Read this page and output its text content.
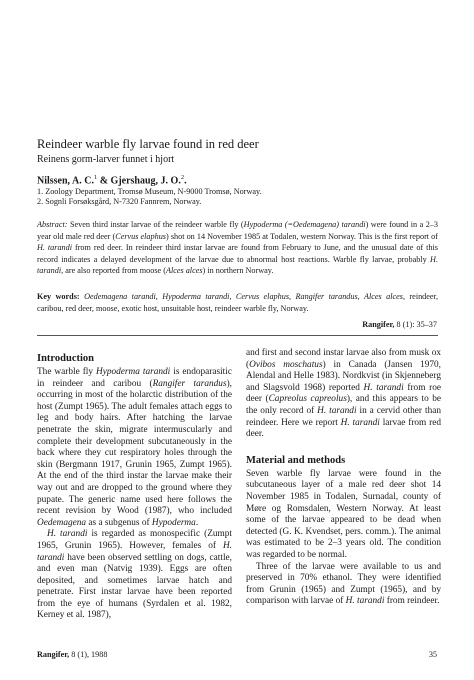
Reindeer warble fly larvae found in red deer
Reinens gorm-larver funnet i hjort
Nilssen, A. C.$^1$ & Gjershaug, J. O.$^2$.
1. Zoology Department, Tromsø Museum, N-9000 Tromsø, Norway.
2. Sognli Forsøksgård, N-7320 Fannrem, Norway.

Abstract: Seven third instar larvae of the reindeer warble fly (Hypoderma (=Oedemagena) tarandi) were found in a 2–3 year old male red deer (Cervus elaphus) shot on 14 November 1985 at Todalen, western Norway. This is the first report of H. tarandi from red deer. In reindeer third instar larvae are found from February to June, and the unusual date of this record indicates a delayed development of the larvae due to abnormal host reactions. Warble fly larvae, probably H. tarandi, are also reported from moose (Alces alces) in northern Norway.

Key words: Oedemagena tarandi, Hypoderma tarandi, Cervus elaphus, Rangifer tarandus, Alces alces, reindeer, caribou, red deer, moose, exotic host, unsuitable host, reindeer warble fly, Norway.

Rangifer, 8 (1): 35–37
Introduction

The warble fly Hypoderma tarandi is endoparasitic in reindeer and caribou (Rangifer tarandus), occurring in most of the holarctic distribution of the host (Zumpt 1965). The adult females attach eggs to leg and body hairs. After hatching the larvae penetrate the skin, migrate intermuscularly and complete their development subcutaneously in the back where they cut respiratory holes through the skin (Bergmann 1917, Grunin 1965, Zumpt 1965). At the end of the third instar the larvae make their way out and are dropped to the ground where they pupate. The generic name used here follows the recent revision by Wood (1987), who included Oedemagena as a subgenus of Hypoderma.

H. tarandi is regarded as monospecific (Zumpt 1965, Grunin 1965). However, females of H. tarandi have been observed settling on dogs, cattle, and even man (Natvig 1939). Eggs are often deposited, and sometimes larvae hatch and penetrate. First instar larvae have been reported from the eye of humans (Syrdalen et al. 1982, Kerney et al. 1987),

and first and second instar larvae also from musk ox (Ovibos moschatus) in Canada (Jansen 1970, Alendal and Helle 1983). Nordkvist (in Skjenneberg and Slagsvold 1968) reported H. tarandi from roe deer (Capreolus capreolus), and this appears to be the only record of H. tarandi in a cervid other than reindeer. Here we report H. tarandi larvae from red deer.

Material and methods

Seven warble fly larvae were found in the subcutaneous layer of a male red deer shot 14 November 1985 in Todalen, Surnadal, county of Møre og Romsdalen, Western Norway. At least some of the larvae appeared to be dead when detected (G. K. Kvendset, pers. comm.). The animal was estimated to be 2–3 years old. The condition was regarded to be normal.

Three of the larvae were available to us and preserved in 70% ethanol. They were identified from Grunin (1965) and Zumpt (1965), and by comparison with larvae of H. tarandi from reindeer.

Rangifer, 8 (1), 1988	35
